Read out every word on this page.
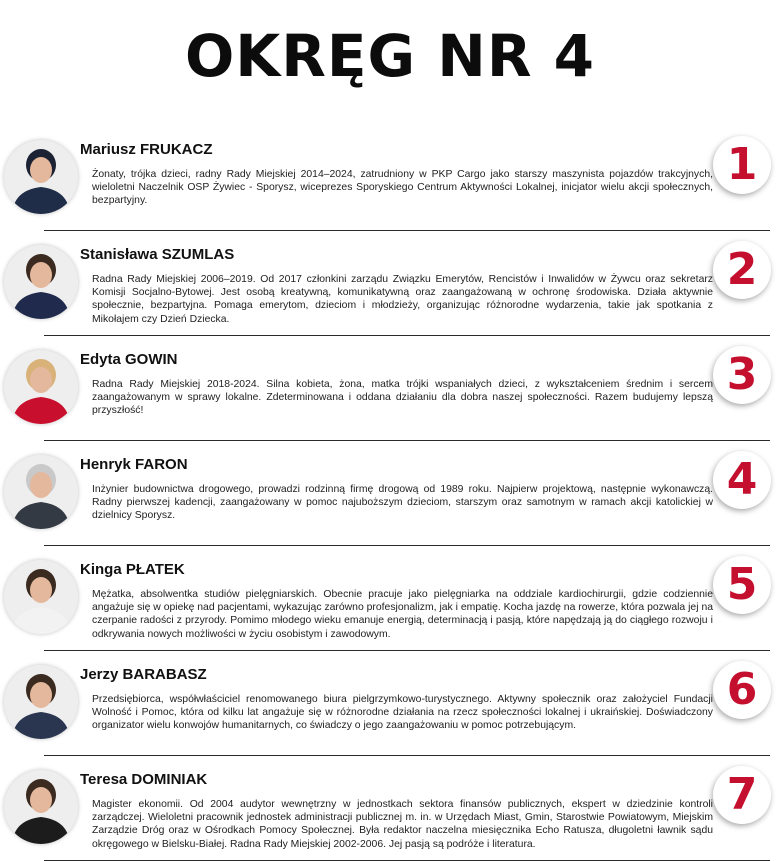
OKRĘG NR 4
Mariusz FRUKACZ

Żonaty, trójka dzieci, radny Rady Miejskiej 2014–2024, zatrudniony w PKP Cargo jako starszy maszynista pojazdów trakcyjnych, wieloletni Naczelnik OSP Żywiec - Sporysz, wiceprezes Sporyskiego Centrum Aktywności Lokalnej, inicjator wielu akcji społecznych, bezpartyjny.

1
Stanisława SZUMLAS

Radna Rady Miejskiej 2006–2019. Od 2017 członkini zarządu Związku Emerytów, Rencistów i Inwalidów w Żywcu oraz sekretarz Komisji Socjalno-Bytowej. Jest osobą kreatywną, komunikatywną oraz zaangażowaną w ochronę środowiska. Działa aktywnie społecznie, bezpartyjna. Pomaga emerytom, dzieciom i młodzieży, organizując różnorodne wydarzenia, takie jak spotkania z Mikołajem czy Dzień Dziecka.

2
Edyta GOWIN

Radna Rady Miejskiej 2018-2024. Silna kobieta, żona, matka trójki wspaniałych dzieci, z wykształceniem średnim i sercem zaangażowanym w sprawy lokalne. Zdeterminowana i oddana działaniu dla dobra naszej społeczności. Razem budujemy lepszą przyszłość!

3
Henryk FARON

Inżynier budownictwa drogowego, prowadzi rodzinną firmę drogową od 1989 roku. Najpierw projektową, następnie wykonawczą. Radny pierwszej kadencji, zaangażowany w pomoc najuboższym dzieciom, starszym oraz samotnym w ramach akcji katolickiej w dzielnicy Sporysz.

4
Kinga PŁATEK

Mężatka, absolwentka studiów pielęgniarskich. Obecnie pracuje jako pielęgniarka na oddziale kardiochirurgii, gdzie codziennie angażuje się w opiekę nad pacjentami, wykazując zarówno profesjonalizm, jak i empatię. Kocha jazdę na rowerze, która pozwala jej na czerpanie radości z przyrody. Pomimo młodego wieku emanuje energią, determinacją i pasją, które napędzają ją do ciągłego rozwoju i odkrywania nowych możliwości w życiu osobistym i zawodowym.

5
Jerzy BARABASZ

Przedsiębiorca, współwłaściciel renomowanego biura pielgrzymkowo-turystycznego. Aktywny społecznik oraz założyciel Fundacji Wolność i Pomoc, która od kilku lat angażuje się w różnorodne działania na rzecz społeczności lokalnej i ukraińskiej. Doświadczony organizator wielu konwojów humanitarnych, co świadczy o jego zaangażowaniu w pomoc potrzebującym.

6
Teresa DOMINIAK

Magister ekonomii. Od 2004 audytor wewnętrzny w jednostkach sektora finansów publicznych, ekspert w dziedzinie kontroli zarządczej. Wieloletni pracownik jednostek administracji publicznej m. in. w Urzędach Miast, Gmin, Starostwie Powiatowym, Miejskim Zarządzie Dróg oraz w Ośrodkach Pomocy Społecznej. Była redaktor naczelna miesięcznika Echo Ratusza, długoletni ławnik sądu okręgowego w Bielsku-Białej. Radna Rady Miejskiej 2002-2006. Jej pasją są podróże i literatura.

7
